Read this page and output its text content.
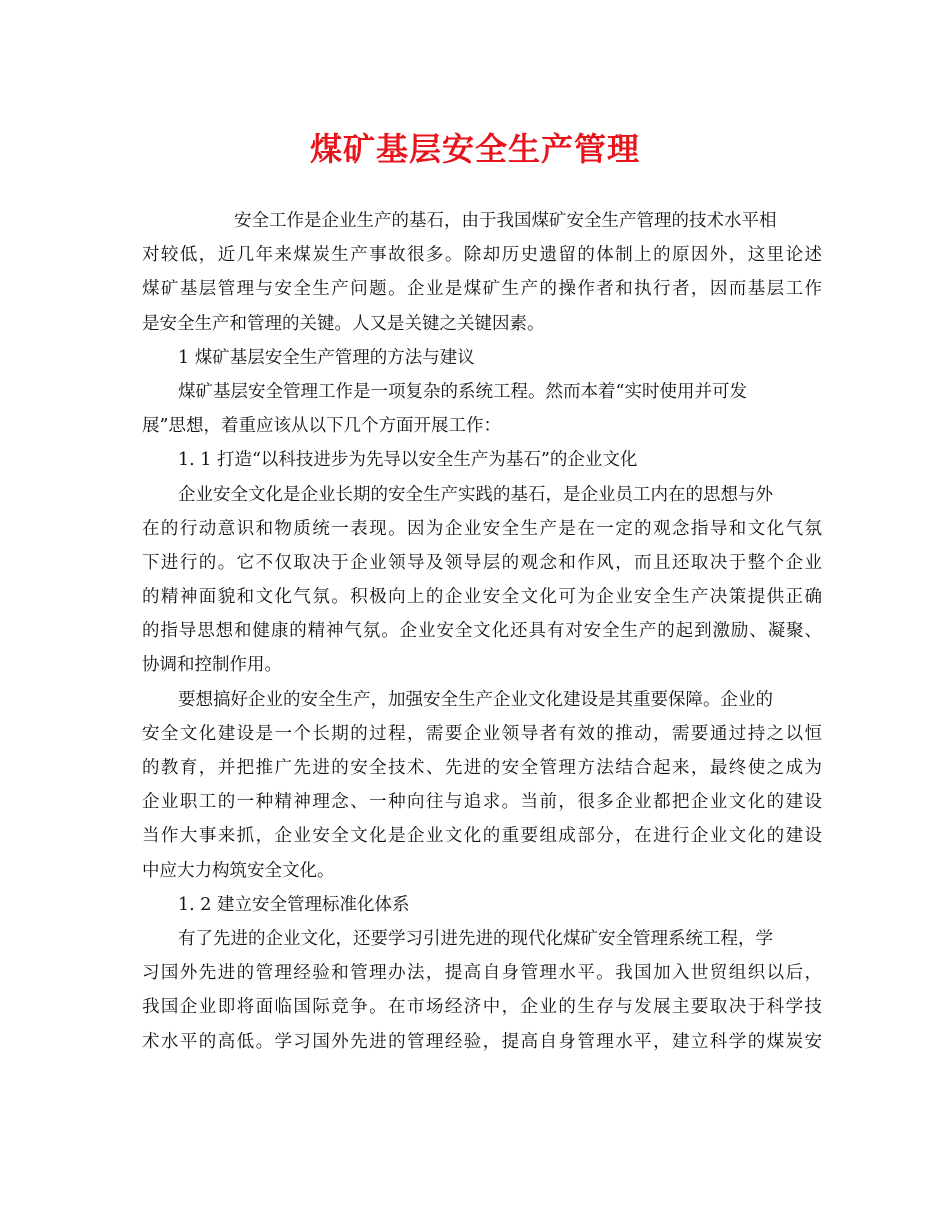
煤矿基层安全生产管理
安全工作是企业生产的基石，由于我国煤矿安全生产管理的技术水平相
对较低，近几年来煤炭生产事故很多。除却历史遗留的体制上的原因外，这里论述
煤矿基层管理与安全生产问题。企业是煤矿生产的操作者和执行者，因而基层工作
是安全生产和管理的关键。人又是关键之关键因素。
1 煤矿基层安全生产管理的方法与建议
煤矿基层安全管理工作是一项复杂的系统工程。然而本着“实时使用并可发
展”思想，着重应该从以下几个方面开展工作：
1. 1 打造“以科技进步为先导以安全生产为基石”的企业文化
企业安全文化是企业长期的安全生产实践的基石，是企业员工内在的思想与外
在的行动意识和物质统一表现。因为企业安全生产是在一定的观念指导和文化气氛
下进行的。它不仅取决于企业领导及领导层的观念和作风，而且还取决于整个企业
的精神面貌和文化气氛。积极向上的企业安全文化可为企业安全生产决策提供正确
的指导思想和健康的精神气氛。企业安全文化还具有对安全生产的起到激励、凝聚、
协调和控制作用。
要想搞好企业的安全生产，加强安全生产企业文化建设是其重要保障。企业的
安全文化建设是一个长期的过程，需要企业领导者有效的推动，需要通过持之以恒
的教育，并把推广先进的安全技术、先进的安全管理方法结合起来，最终使之成为
企业职工的一种精神理念、一种向往与追求。当前，很多企业都把企业文化的建设
当作大事来抓，企业安全文化是企业文化的重要组成部分，在进行企业文化的建设
中应大力构筑安全文化。
1. 2 建立安全管理标准化体系
有了先进的企业文化，还要学习引进先进的现代化煤矿安全管理系统工程，学
习国外先进的管理经验和管理办法，提高自身管理水平。我国加入世贸组织以后，
我国企业即将面临国际竞争。在市场经济中，企业的生存与发展主要取决于科学技
术水平的高低。学习国外先进的管理经验，提高自身管理水平，建立科学的煤炭安
